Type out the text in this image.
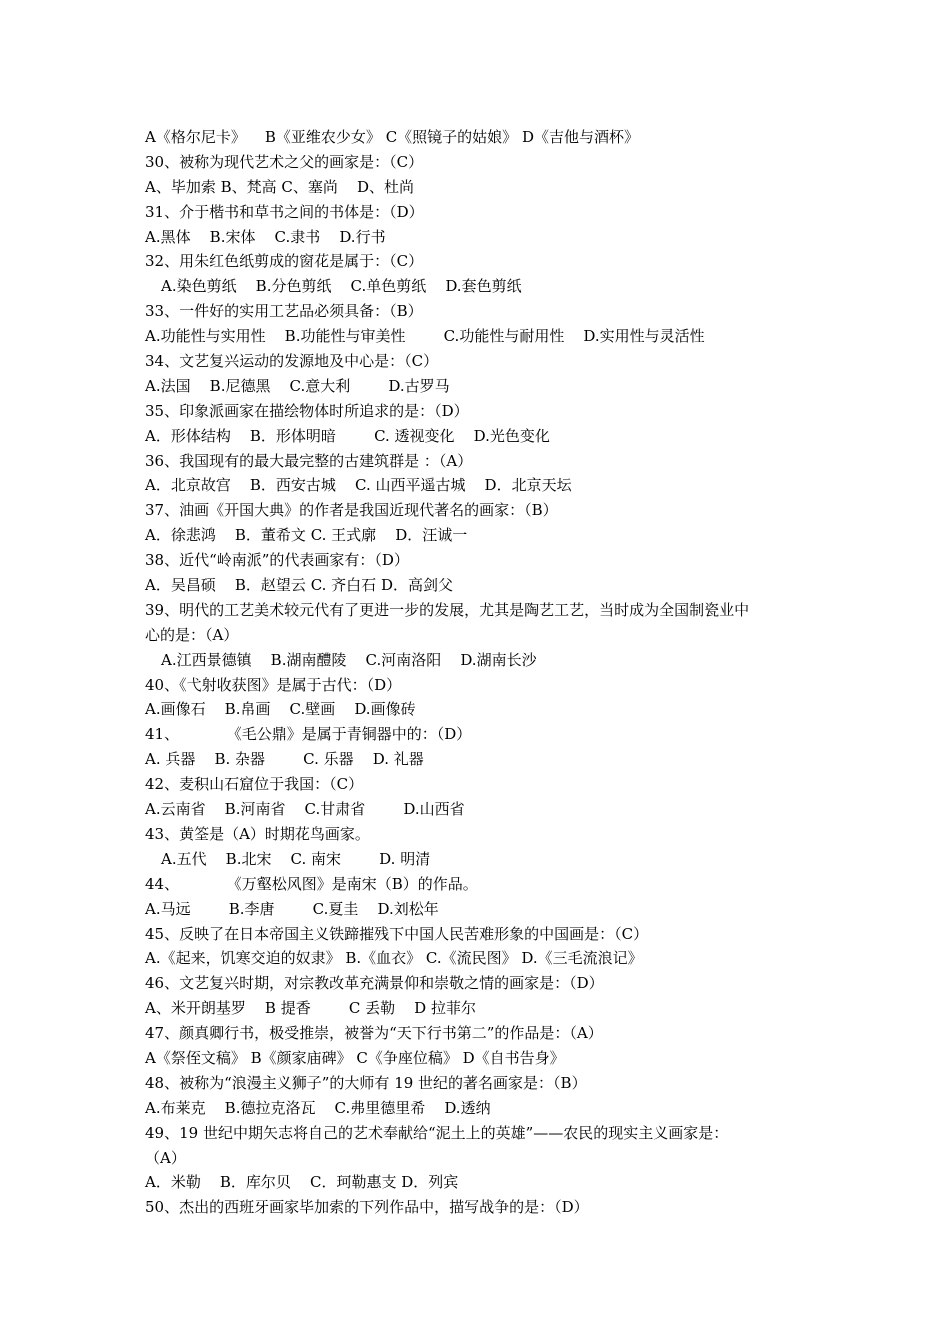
A《格尔尼卡》    B《亚维农少女》 C《照镜子的姑娘》 D《吉他与酒杯》
30、被称为现代艺术之父的画家是：（C）
A、毕加索 B、梵高 C、塞尚    D、杜尚
31、介于楷书和草书之间的书体是：（D）
A.黑体    B.宋体    C.隶书    D.行书
32、用朱红色纸剪成的窗花是属于：（C）
A.染色剪纸    B.分色剪纸    C.单色剪纸    D.套色剪纸
33、一件好的实用工艺品必须具备：（B）
A.功能性与实用性    B.功能性与审美性        C.功能性与耐用性    D.实用性与灵活性
34、文艺复兴运动的发源地及中心是：（C）
A.法国    B.尼德黑    C.意大利        D.古罗马
35、印象派画家在描绘物体时所追求的是：（D）
A．形体结构    B．形体明暗        C. 透视变化    D.光色变化
36、我国现有的最大最完整的古建筑群是 ：（A）
A．北京故宫    B．西安古城    C. 山西平遥古城    D．北京天坛
37、油画《开国大典》的作者是我国近现代著名的画家：（B）
A．徐悲鸿    B．董希文 C. 王式廓    D．汪诚一
38、近代“岭南派”的代表画家有：（D）
A．吴昌硕    B．赵望云 C. 齐白石 D．高剑父
39、明代的工艺美术较元代有了更进一步的发展，尤其是陶艺工艺，当时成为全国制瓷业中
心的是：（A）
A.江西景德镇    B.湖南醴陵    C.河南洛阳    D.湖南长沙
40、《弋射收获图》是属于古代：（D）
A.画像石    B.帛画    C.壁画    D.画像砖
41、          《毛公鼎》是属于青铜器中的：（D）
A. 兵器    B. 杂器        C. 乐器    D. 礼器
42、麦积山石窟位于我国：（C）
A.云南省    B.河南省    C.甘肃省        D.山西省
43、黄筌是（A）时期花鸟画家。
A.五代    B.北宋    C. 南宋        D. 明清
44、          《万壑松风图》是南宋（B）的作品。
A.马远        B.李唐        C.夏圭    D.刘松年
45、反映了在日本帝国主义铁蹄摧残下中国人民苦难形象的中国画是：（C）
A.《起来，饥寒交迫的奴隶》 B.《血衣》 C.《流民图》 D.《三毛流浪记》
46、文艺复兴时期，对宗教改革充满景仰和崇敬之情的画家是：（D）
A、米开朗基罗    B 提香        C 丢勒    D 拉菲尔
47、颜真卿行书，极受推崇，被誉为“天下行书第二”的作品是：（A）
A《祭侄文稿》 B《颜家庙碑》 C《争座位稿》 D《自书告身》
48、被称为“浪漫主义狮子”的大师有 19 世纪的著名画家是：（B）
A.布莱克    B.德拉克洛瓦    C.弗里德里希    D.透纳
49、19 世纪中期矢志将自己的艺术奉献给“泥土上的英雄”——农民的现实主义画家是：
（A）
A．米勒    B．库尔贝    C．珂勒惠支 D．列宾
50、杰出的西班牙画家毕加索的下列作品中，描写战争的是：（D）
